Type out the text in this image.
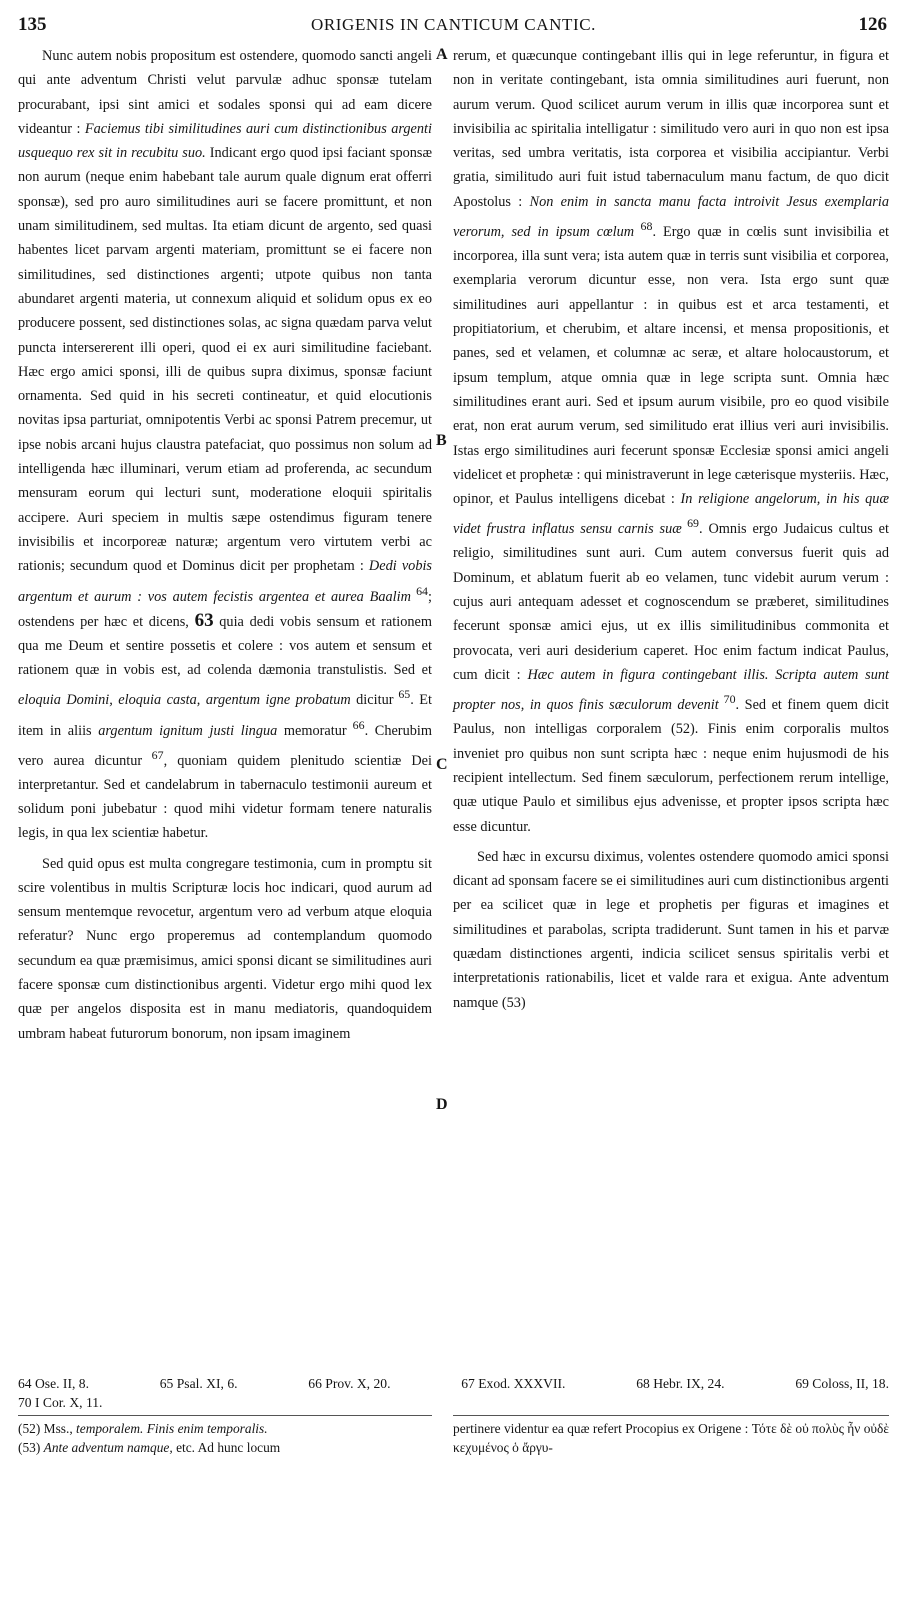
135	ORIGENIS IN CANTICUM CANTIC.	126

Nunc autem nobis propositum est ostendere, quomodo sancti angeli qui ante adventum Christi velut parvulæ adhuc sponsæ tutelam procurabant, ipsi sint amici et sodales sponsi qui ad eam dicere videantur : Faciemus tibi similitudines auri cum distinctionibus argenti usquequo rex sit in recubitu suo. Indicant ergo quod ipsi faciant sponsæ non aurum (neque enim habebant tale aurum quale dignum erat offerri sponsæ), sed pro auro similitudines auri se facere promittunt, et non unam similitudinem, sed multas. Ita etiam dicunt de argento, sed quasi habentes licet parvam argenti materiam, promittunt se ei facere non similitudines, sed distinctiones argenti; utpote quibus non tanta abundaret argenti materia, ut connexum aliquid et solidum opus ex eo producere possent, sed distinctiones solas, ac signa quædam parva velut puncta intersererent illi operi, quod ei ex auri similitudine faciebant. Hæc ergo amici sponsi, illi de quibus supra diximus, sponsæ faciunt ornamenta. Sed quid in his secreti contineatur, et quid elocutionis novitas ipsa parturiat, omnipotentis Verbi ac sponsi Patrem precemur, ut ipse nobis arcani hujus claustra patefaciat, quo possimus non solum ad intelligenda hæc illuminari, verum etiam ad proferenda, ac secundum mensuram eorum qui lecturi sunt, moderatione eloquii spiritalis accipere. Auri speciem in multis sæpe ostendimus figuram tenere invisibilis et incorporeæ naturæ; argentum vero virtutem verbi ac rationis; secundum quod et Dominus dicit per prophetam : Dedi vobis argentum et aurum : vos autem fecistis argentea et aurea Baalim $^{64}$; ostendens per hæc et dicens, 63 quia dedi vobis sensum et rationem qua me Deum et sentire possetis et colere : vos autem et sensum et rationem quæ in vobis est, ad colenda dæmonia transtulistis. Sed et eloquia Domini, eloquia casta, argentum igne probatum dicitur $^{65}$. Et item in aliis argentum ignitum justi lingua memoratur $^{66}$. Cherubim vero aurea dicuntur $^{67}$, quoniam quidem plenitudo scientiæ Dei interpretantur. Sed et candelabrum in tabernaculo testimonii aureum et solidum poni jubebatur : quod mihi videtur formam tenere naturalis legis, in qua lex scientiæ habetur.

Sed quid opus est multa congregare testimonia, cum in promptu sit scire volentibus in multis Scripturæ locis hoc indicari, quod aurum ad sensum mentemque revocetur, argentum vero ad verbum atque eloquia referatur? Nunc ergo properemus ad contemplandum quomodo secundum ea quæ præmisimus, amici sponsi dicant se similitudines auri facere sponsæ cum distinctionibus argenti. Videtur ergo mihi quod lex quæ per angelos disposita est in manu mediatoris, quandoquidem umbram habeat futurorum bonorum, non ipsam imaginem

A
B
C
D

rerum, et quæcunque contingebant illis qui in lege referuntur, in figura et non in veritate contingebant, ista omnia similitudines auri fuerunt, non aurum verum. Quod scilicet aurum verum in illis quæ incorporea sunt et invisibilia ac spiritalia intelligatur : similitudo vero auri in quo non est ipsa veritas, sed umbra veritatis, ista corporea et visibilia accipiantur. Verbi gratia, similitudo auri fuit istud tabernaculum manu factum, de quo dicit Apostolus : Non enim in sancta manu facta introivit Jesus exemplaria verorum, sed in ipsum cœlum $^{68}$. Ergo quæ in cœlis sunt invisibilia et incorporea, illa sunt vera; ista autem quæ in terris sunt visibilia et corporea, exemplaria verorum dicuntur esse, non vera. Ista ergo sunt quæ similitudines auri appellantur : in quibus est et arca testamenti, et propitiatorium, et cherubim, et altare incensi, et mensa propositionis, et panes, sed et velamen, et columnæ ac seræ, et altare holocaustorum, et ipsum templum, atque omnia quæ in lege scripta sunt. Omnia hæc similitudines erant auri. Sed et ipsum aurum visibile, pro eo quod visibile erat, non erat aurum verum, sed similitudo erat illius veri auri invisibilis. Istas ergo similitudines auri fecerunt sponsæ Ecclesiæ sponsi amici angeli videlicet et prophetæ : qui ministraverunt in lege cæterisque mysteriis. Hæc, opinor, et Paulus intelligens dicebat : In religione angelorum, in his quæ videt frustra inflatus sensu carnis suæ $^{69}$. Omnis ergo Judaicus cultus et religio, similitudines sunt auri. Cum autem conversus fuerit quis ad Dominum, et ablatum fuerit ab eo velamen, tunc videbit aurum verum : cujus auri antequam adesset et cognoscendum se præberet, similitudines fecerunt sponsæ amici ejus, ut ex illis similitudinibus commonita et provocata, veri auri desiderium caperet. Hoc enim factum indicat Paulus, cum dicit : Hæc autem in figura contingebant illis. Scripta autem sunt propter nos, in quos finis sæculorum devenit $^{70}$. Sed et finem quem dicit Paulus, non intelligas corporalem (52). Finis enim corporalis multos inveniet pro quibus non sunt scripta hæc : neque enim hujusmodi de his recipient intellectum. Sed finem sæculorum, perfectionem rerum intellige, quæ utique Paulo et similibus ejus advenisse, et propter ipsos scripta hæc esse dicuntur.

Sed hæc in excursu diximus, volentes ostendere quomodo amici sponsi dicant ad sponsam facere se ei similitudines auri cum distinctionibus argenti per ea scilicet quæ in lege et prophetis per figuras et imagines et similitudines et parabolas, scripta tradiderunt. Sunt tamen in his et parvæ quædam distinctiones argenti, indicia scilicet sensus spiritalis verbi et interpretationis rationabilis, licet et valde rara et exigua. Ante adventum namque (53)

64 Ose. II, 8.	65 Psal. XI, 6.	66 Prov. X, 20.	67 Exod. XXXVII.	68 Hebr. IX, 24.	69 Coloss, II, 18.
70 I Cor. X, 11.

(52) Mss., temporalem. Finis enim temporalis.

(53) Ante adventum namque, etc. Ad hunc locum

pertinere videntur ea quæ refert Procopius ex Origene : Τότε δὲ οὐ πολὺς ἦν οὐδὲ κεχυμένος ὁ ἄργυ-
